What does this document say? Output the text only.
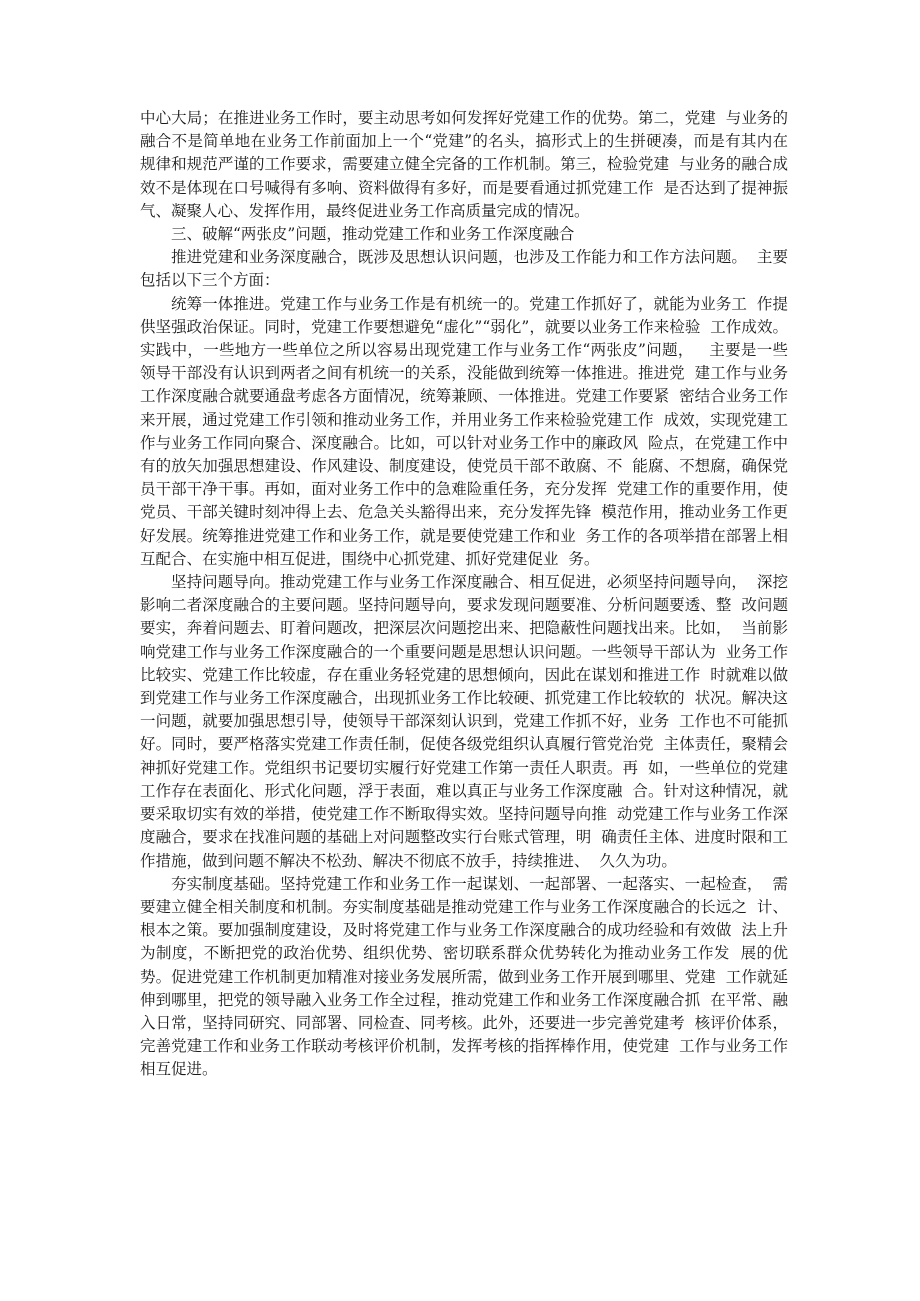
中心大局；在推进业务工作时，要主动思考如何发挥好党建工作的优势。第二，党建  与业务的融合不是简单地在业务工作前面加上一个“党建”的名头，搞形式上的生拼硬凑，而是有其内在规律和规范严谨的工作要求，需要建立健全完备的工作机制。第三，检验党建  与业务的融合成效不是体现在口号喊得有多响、资料做得有多好，而是要看通过抓党建工作  是否达到了提神振气、凝聚人心、发挥作用，最终促进业务工作高质量完成的情况。

三、破解“两张皮”问题，推动党建工作和业务工作深度融合

推进党建和业务深度融合，既涉及思想认识问题，也涉及工作能力和工作方法问题。  主要包括以下三个方面：

统筹一体推进。党建工作与业务工作是有机统一的。党建工作抓好了，就能为业务工  作提供坚强政治保证。同时，党建工作要想避免“虚化”“弱化”，就要以业务工作来检验  工作成效。实践中，一些地方一些单位之所以容易出现党建工作与业务工作“两张皮”问题，   主要是一些领导干部没有认识到两者之间有机统一的关系，没能做到统筹一体推进。推进党  建工作与业务工作深度融合就要通盘考虑各方面情况，统筹兼顾、一体推进。党建工作要紧  密结合业务工作来开展，通过党建工作引领和推动业务工作，并用业务工作来检验党建工作  成效，实现党建工作与业务工作同向聚合、深度融合。比如，可以针对业务工作中的廉政风  险点，在党建工作中有的放矢加强思想建设、作风建设、制度建设，使党员干部不敢腐、不  能腐、不想腐，确保党员干部干净干事。再如，面对业务工作中的急难险重任务，充分发挥  党建工作的重要作用，使党员、干部关键时刻冲得上去、危急关头豁得出来，充分发挥先锋  模范作用，推动业务工作更好发展。统筹推进党建工作和业务工作，就是要使党建工作和业  务工作的各项举措在部署上相互配合、在实施中相互促进，围绕中心抓党建、抓好党建促业  务。

坚持问题导向。推动党建工作与业务工作深度融合、相互促进，必须坚持问题导向，  深挖影响二者深度融合的主要问题。坚持问题导向，要求发现问题要准、分析问题要透、整  改问题要实，奔着问题去、盯着问题改，把深层次问题挖出来、把隐蔽性问题找出来。比如，  当前影响党建工作与业务工作深度融合的一个重要问题是思想认识问题。一些领导干部认为  业务工作比较实、党建工作比较虚，存在重业务轻党建的思想倾向，因此在谋划和推进工作  时就难以做到党建工作与业务工作深度融合，出现抓业务工作比较硬、抓党建工作比较软的  状况。解决这一问题，就要加强思想引导，使领导干部深刻认识到，党建工作抓不好，业务  工作也不可能抓好。同时，要严格落实党建工作责任制，促使各级党组织认真履行管党治党  主体责任，聚精会神抓好党建工作。党组织书记要切实履行好党建工作第一责任人职责。再  如，一些单位的党建工作存在表面化、形式化问题，浮于表面，难以真正与业务工作深度融  合。针对这种情况，就要采取切实有效的举措，使党建工作不断取得实效。坚持问题导向推  动党建工作与业务工作深度融合，要求在找准问题的基础上对问题整改实行台账式管理，明  确责任主体、进度时限和工作措施，做到问题不解决不松劲、解决不彻底不放手，持续推进、  久久为功。

夯实制度基础。坚持党建工作和业务工作一起谋划、一起部署、一起落实、一起检查，  需要建立健全相关制度和机制。夯实制度基础是推动党建工作与业务工作深度融合的长远之  计、根本之策。要加强制度建设，及时将党建工作与业务工作深度融合的成功经验和有效做  法上升为制度，不断把党的政治优势、组织优势、密切联系群众优势转化为推动业务工作发  展的优势。促进党建工作机制更加精准对接业务发展所需，做到业务工作开展到哪里、党建  工作就延伸到哪里，把党的领导融入业务工作全过程，推动党建工作和业务工作深度融合抓  在平常、融入日常，坚持同研究、同部署、同检查、同考核。此外，还要进一步完善党建考  核评价体系，完善党建工作和业务工作联动考核评价机制，发挥考核的指挥棒作用，使党建  工作与业务工作相互促进。
